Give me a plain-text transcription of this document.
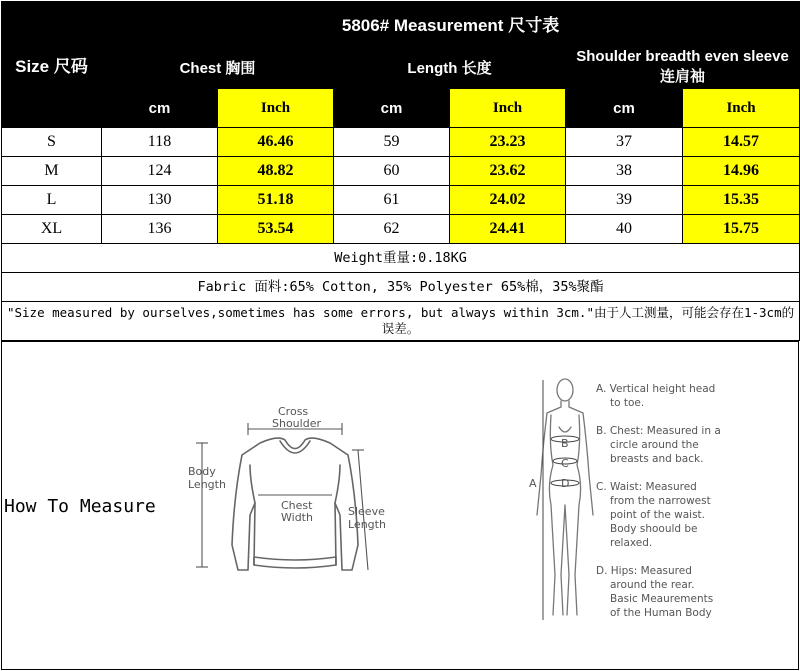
Size 尺码	5806# Measurement 尺寸表					
	Chest 胸围		Length 长度		Shoulder breadth even sleeve
连肩袖	

	cm	Inch	cm	Inch	cm	Inch
S	118	46.46	59	23.23	37	14.57
M	124	48.82	60	23.62	38	14.96
L	130	51.18	61	24.02	39	15.35
XL	136	53.54	62	24.41	40	15.75
Weight重量:0.18KG						
Fabric 面料:65% Cotton, 35% Polyester 65%棉，35%聚酯						
"Size measured by ourselves,sometimes has some errors, but always within 3cm."由于人工测量，可能会存在1-3cm的误差。						
How To Measure
Cross
Shoulder
Body
Length
Chest
Width	Sleeve
Length
B
C
D
A
A. Vertical height head
to toe.
B. Chest: Measured in a
circle around the
breasts and back.
C. Waist: Measured
from the narrowest
point of the waist.
Body shoould be
relaxed.
D. Hips: Measured
around the rear.
Basic Meaurements
of the Human Body
